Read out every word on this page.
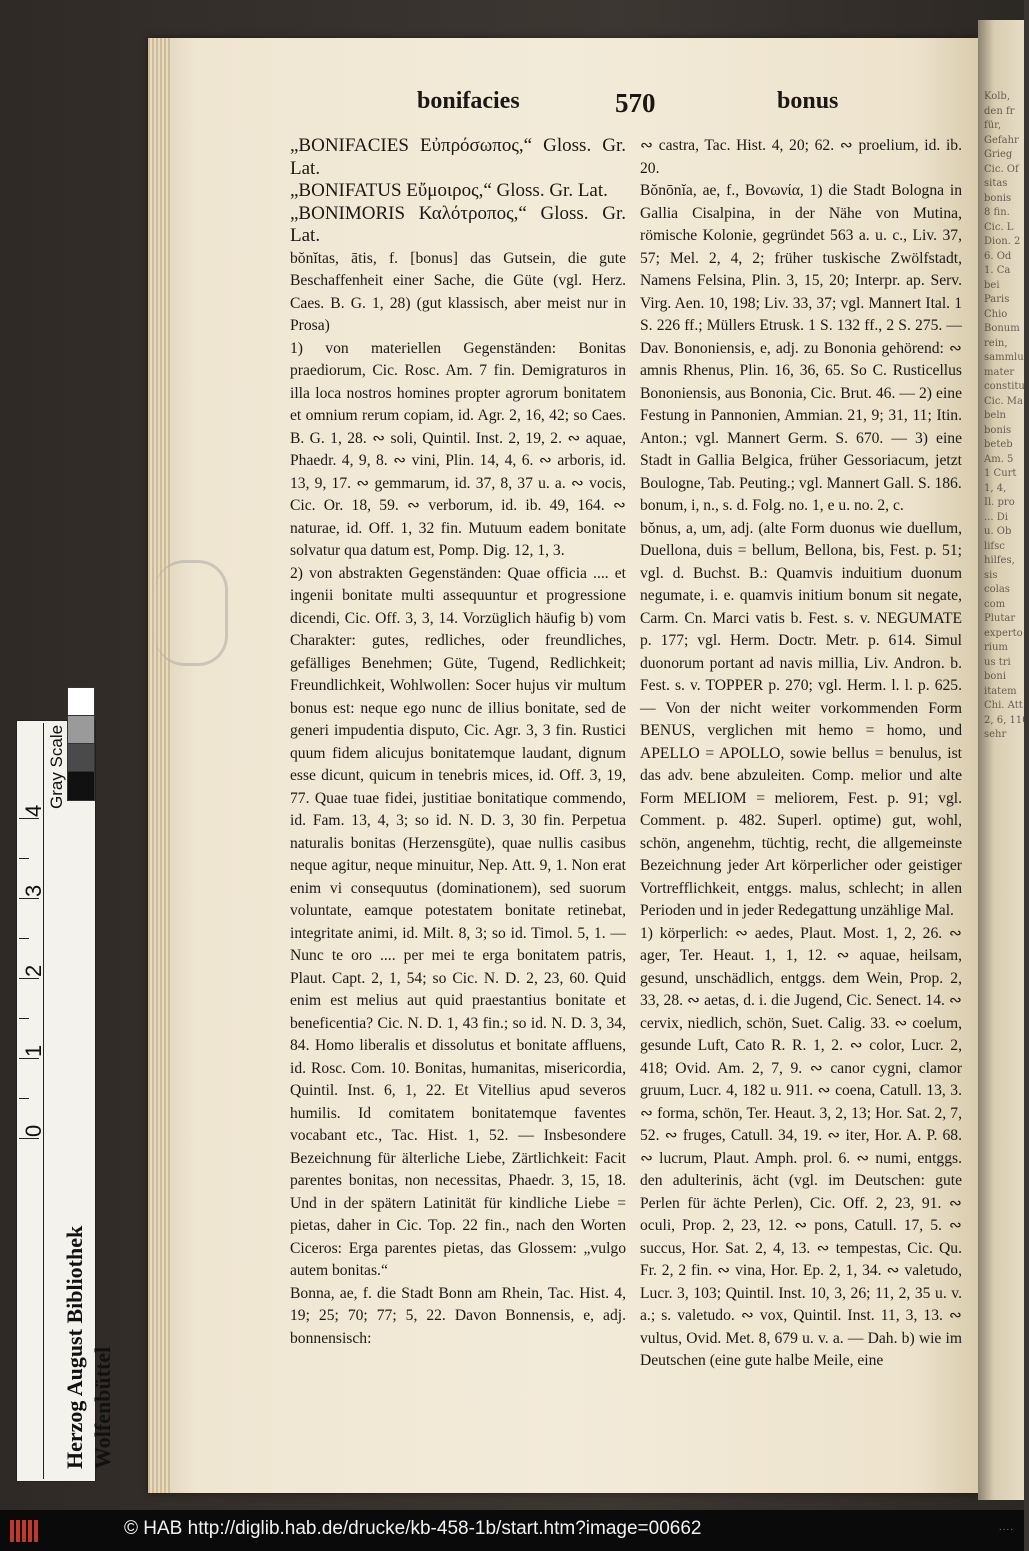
Kolb,
den fr
für,
Gefahr
Grieg
Cic. Of
sitas
bonis
8 fin.
Cic. L
Dion. 2
6. Od
1. Ca
bei
Paris
Chio
Bonum
rein,
sammlu
mater
constitut
Cic. Ma
beln
bonis
beteb
Am. 5
1 Curt
1, 4,
Il. pro
... Di
u. Ob
lifsc
hilfes,
sis
colas
com
Plutar
experto
rium
us tri
boni
itatem
Chi. Att
2, 6, 110
sehr
bonifacies	570	bonus

„BONIFACIES Εὐπρόσωπος,“ Gloss. Gr. Lat.

„BONIFATUS Εὔμοιρος,“ Gloss. Gr. Lat.

„BONIMORIS Καλότροπος,“ Gloss. Gr. Lat.

bŏnĭtas, ātis, f. [bonus] das Gutsein, die gute Beschaffenheit einer Sache, die Güte (vgl. Herz. Caes. B. G. 1, 28) (gut klassisch, aber meist nur in Prosa)

1) von materiellen Gegenständen: Bonitas praediorum, Cic. Rosc. Am. 7 fin. Demigraturos in illa loca nostros homines propter agrorum bonitatem et omnium rerum copiam, id. Agr. 2, 16, 42; so Caes. B. G. 1, 28. ∾ soli, Quintil. Inst. 2, 19, 2. ∾ aquae, Phaedr. 4, 9, 8. ∾ vini, Plin. 14, 4, 6. ∾ arboris, id. 13, 9, 17. ∾ gemmarum, id. 37, 8, 37 u. a. ∾ vocis, Cic. Or. 18, 59. ∾ verborum, id. ib. 49, 164. ∾ naturae, id. Off. 1, 32 fin. Mutuum eadem bonitate solvatur qua datum est, Pomp. Dig. 12, 1, 3.

2) von abstrakten Gegenständen: Quae officia .... et ingenii bonitate multi assequuntur et progressione dicendi, Cic. Off. 3, 3, 14. Vorzüglich häufig b) vom Charakter: gutes, redliches, oder freundliches, gefälliges Benehmen; Güte, Tugend, Redlichkeit; Freundlichkeit, Wohlwollen: Socer hujus vir multum bonus est: neque ego nunc de illius bonitate, sed de generi impudentia disputo, Cic. Agr. 3, 3 fin. Rustici quum fidem alicujus bonitatemque laudant, dignum esse dicunt, quicum in tenebris mices, id. Off. 3, 19, 77. Quae tuae fidei, justitiae bonitatique commendo, id. Fam. 13, 4, 3; so id. N. D. 3, 30 fin. Perpetua naturalis bonitas (Herzensgüte), quae nullis casibus neque agitur, neque minuitur, Nep. Att. 9, 1. Non erat enim vi consequutus (dominationem), sed suorum voluntate, eamque potestatem bonitate retinebat, integritate animi, id. Milt. 8, 3; so id. Timol. 5, 1. — Nunc te oro .... per mei te erga bonitatem patris, Plaut. Capt. 2, 1, 54; so Cic. N. D. 2, 23, 60. Quid enim est melius aut quid praestantius bonitate et beneficentia? Cic. N. D. 1, 43 fin.; so id. N. D. 3, 34, 84. Homo liberalis et dissolutus et bonitate affluens, id. Rosc. Com. 10. Bonitas, humanitas, misericordia, Quintil. Inst. 6, 1, 22. Et Vitellius apud severos humilis. Id comitatem bonitatemque faventes vocabant etc., Tac. Hist. 1, 52. — Insbesondere Bezeichnung für älterliche Liebe, Zärtlichkeit: Facit parentes bonitas, non necessitas, Phaedr. 3, 15, 18. Und in der spätern Latinität für kindliche Liebe = pietas, daher in Cic. Top. 22 fin., nach den Worten Ciceros: Erga parentes pietas, das Glossem: „vulgo autem bonitas.“

Bonna, ae, f. die Stadt Bonn am Rhein, Tac. Hist. 4, 19; 25; 70; 77; 5, 22. Davon Bonnensis, e, adj. bonnensisch:

∾ castra, Tac. Hist. 4, 20; 62. ∾ proelium, id. ib. 20.

Bŏnōnĭa, ae, f., Βονωνία, 1) die Stadt Bologna in Gallia Cisalpina, in der Nähe von Mutina, römische Kolonie, gegründet 563 a. u. c., Liv. 37, 57; Mel. 2, 4, 2; früher tuskische Zwölfstadt, Namens Felsina, Plin. 3, 15, 20; Interpr. ap. Serv. Virg. Aen. 10, 198; Liv. 33, 37; vgl. Mannert Ital. 1 S. 226 ff.; Müllers Etrusk. 1 S. 132 ff., 2 S. 275. — Dav. Bononiensis, e, adj. zu Bononia gehörend: ∾ amnis Rhenus, Plin. 16, 36, 65. So C. Rusticellus Bononiensis, aus Bononia, Cic. Brut. 46. — 2) eine Festung in Pannonien, Ammian. 21, 9; 31, 11; Itin. Anton.; vgl. Mannert Germ. S. 670. — 3) eine Stadt in Gallia Belgica, früher Gessoriacum, jetzt Boulogne, Tab. Peuting.; vgl. Mannert Gall. S. 186.

bonum, i, n., s. d. Folg. no. 1, e u. no. 2, c.

bŏnus, a, um, adj. (alte Form duonus wie duellum, Duellona, duis = bellum, Bellona, bis, Fest. p. 51; vgl. d. Buchst. B.: Quamvis induitium duonum negumate, i. e. quamvis initium bonum sit negate, Carm. Cn. Marci vatis b. Fest. s. v. NEGUMATE p. 177; vgl. Herm. Doctr. Metr. p. 614. Simul duonorum portant ad navis millia, Liv. Andron. b. Fest. s. v. TOPPER p. 270; vgl. Herm. l. l. p. 625. — Von der nicht weiter vorkommenden Form BENUS, verglichen mit hemo = homo, und APELLO = APOLLO, sowie bellus = benulus, ist das adv. bene abzuleiten. Comp. melior und alte Form MELIOM = meliorem, Fest. p. 91; vgl. Comment. p. 482. Superl. optime) gut, wohl, schön, angenehm, tüchtig, recht, die allgemeinste Bezeichnung jeder Art körperlicher oder geistiger Vortrefflichkeit, entggs. malus, schlecht; in allen Perioden und in jeder Redegattung unzählige Mal.

1) körperlich: ∾ aedes, Plaut. Most. 1, 2, 26. ∾ ager, Ter. Heaut. 1, 1, 12. ∾ aquae, heilsam, gesund, unschädlich, entggs. dem Wein, Prop. 2, 33, 28. ∾ aetas, d. i. die Jugend, Cic. Senect. 14. ∾ cervix, niedlich, schön, Suet. Calig. 33. ∾ coelum, gesunde Luft, Cato R. R. 1, 2. ∾ color, Lucr. 2, 418; Ovid. Am. 2, 7, 9. ∾ canor cygni, clamor gruum, Lucr. 4, 182 u. 911. ∾ coena, Catull. 13, 3. ∾ forma, schön, Ter. Heaut. 3, 2, 13; Hor. Sat. 2, 7, 52. ∾ fruges, Catull. 34, 19. ∾ iter, Hor. A. P. 68. ∾ lucrum, Plaut. Amph. prol. 6. ∾ numi, entggs. den adulterinis, ächt (vgl. im Deutschen: gute Perlen für ächte Perlen), Cic. Off. 2, 23, 91. ∾ oculi, Prop. 2, 23, 12. ∾ pons, Catull. 17, 5. ∾ succus, Hor. Sat. 2, 4, 13. ∾ tempestas, Cic. Qu. Fr. 2, 2 fin. ∾ vina, Hor. Ep. 2, 1, 34. ∾ valetudo, Lucr. 3, 103; Quintil. Inst. 10, 3, 26; 11, 2, 35 u. v. a.; s. valetudo. ∾ vox, Quintil. Inst. 11, 3, 13. ∾ vultus, Ovid. Met. 8, 679 u. v. a. — Dah. b) wie im Deutschen (eine gute halbe Meile, eine

4
3
2
1
0
Gray Scale
Herzog August Bibliothek Wolfenbüttel
© HAB http://diglib.hab.de/drucke/kb-458-1b/start.htm?image=00662	∙∙∙∙
